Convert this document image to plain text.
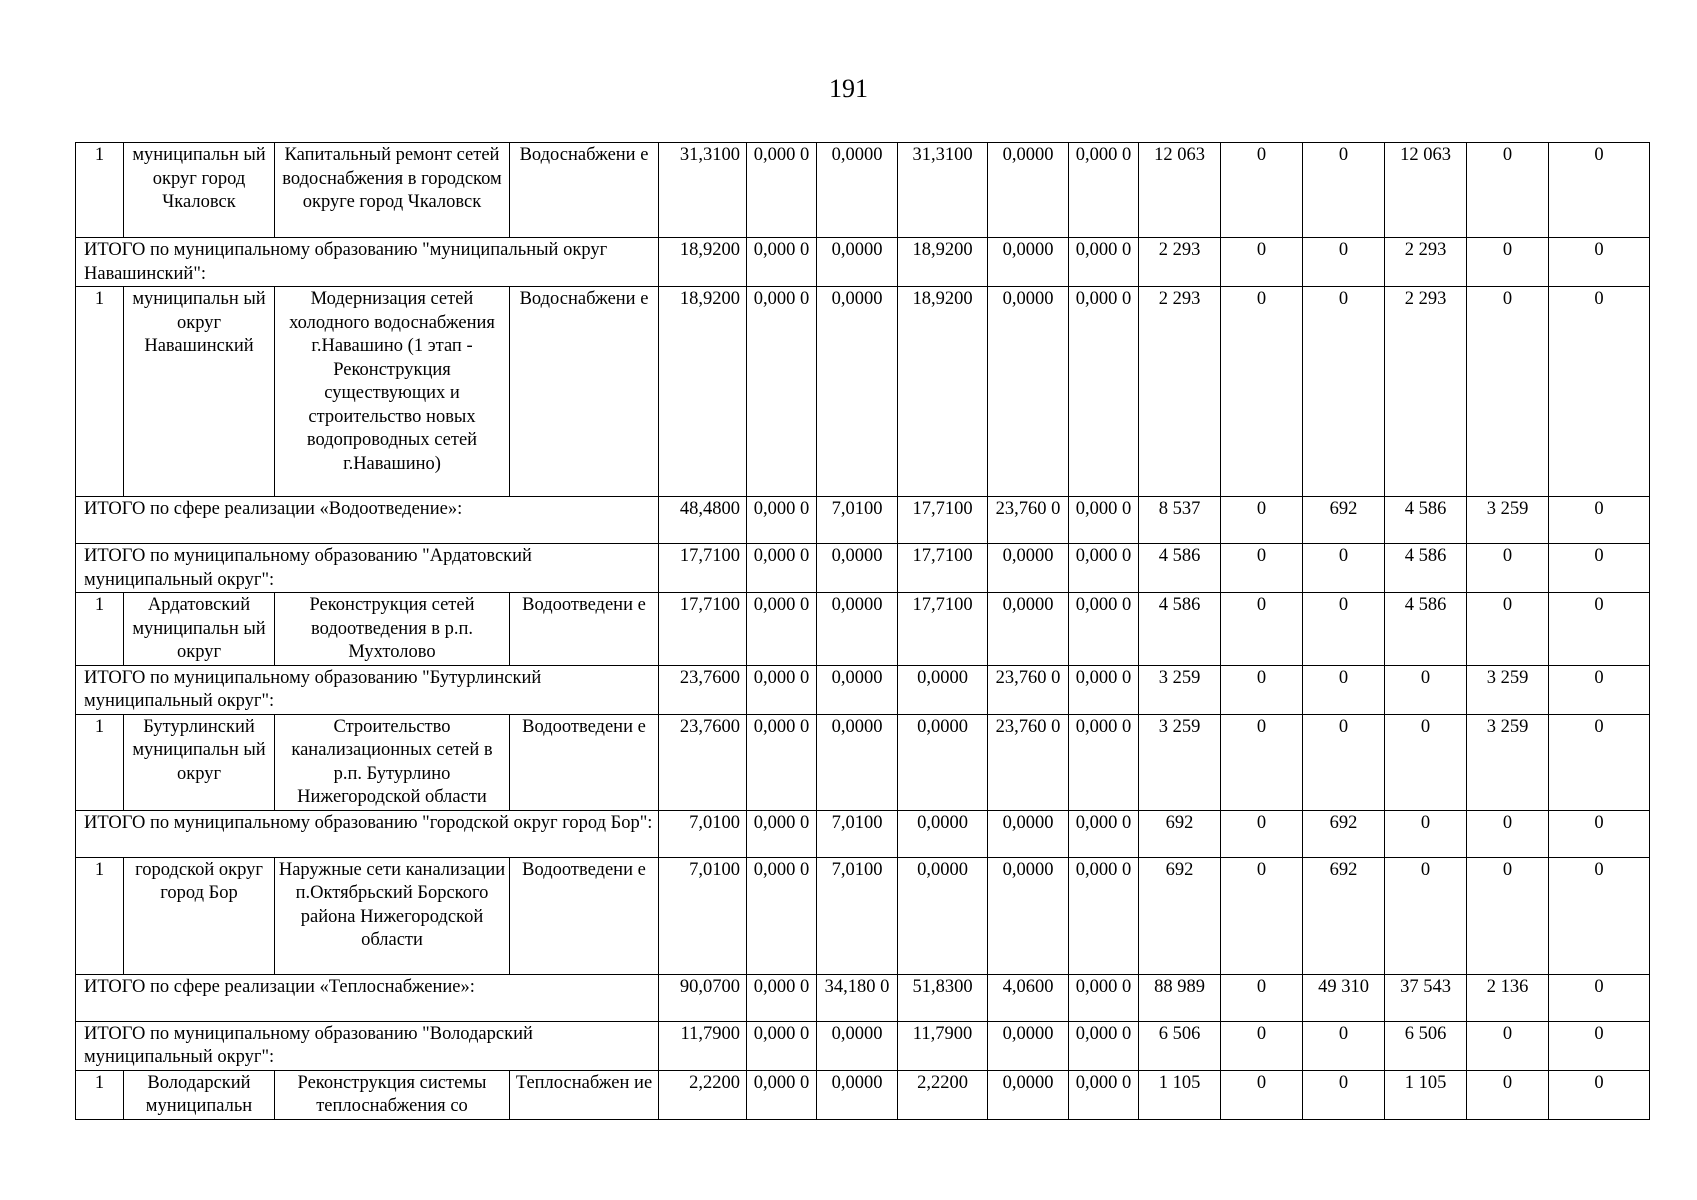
191
1	муниципальн ый округ город Чкаловск	Капитальный ремонт сетей водоснабжения в городском округе город Чкаловск	Водоснабжени е	31,3100	0,000 0	0,0000	31,3100	0,0000	0,000 0	12 063	0	0	12 063	0	0
ИТОГО по муниципальному образованию "муниципальный округ Навашинский":				18,9200	0,000 0	0,0000	18,9200	0,0000	0,000 0	2 293	0	0	2 293	0	0
1	муниципальн ый округ Навашинский	Модернизация сетей холодного водоснабжения г.Навашино (1 этап - Реконструкция существующих и строительство новых водопроводных сетей г.Навашино)	Водоснабжени е	18,9200	0,000 0	0,0000	18,9200	0,0000	0,000 0	2 293	0	0	2 293	0	0
ИТОГО по сфере реализации «Водоотведение»:				48,4800	0,000 0	7,0100	17,7100	23,760 0	0,000 0	8 537	0	692	4 586	3 259	0
ИТОГО по муниципальному образованию "Ардатовский муниципальный округ":				17,7100	0,000 0	0,0000	17,7100	0,0000	0,000 0	4 586	0	0	4 586	0	0
1	Ардатовский муниципальн ый округ	Реконструкция сетей водоотведения в р.п. Мухтолово	Водоотведени е	17,7100	0,000 0	0,0000	17,7100	0,0000	0,000 0	4 586	0	0	4 586	0	0
ИТОГО по муниципальному образованию "Бутурлинский муниципальный округ":				23,7600	0,000 0	0,0000	0,0000	23,760 0	0,000 0	3 259	0	0	0	3 259	0
1	Бутурлинский муниципальн ый округ	Строительство канализационных сетей в р.п. Бутурлино Нижегородской области	Водоотведени е	23,7600	0,000 0	0,0000	0,0000	23,760 0	0,000 0	3 259	0	0	0	3 259	0
ИТОГО по муниципальному образованию "городской округ город Бор":				7,0100	0,000 0	7,0100	0,0000	0,0000	0,000 0	692	0	692	0	0	0
1	городской округ город Бор	Наружные сети канализации п.Октябрьский Борского района Нижегородской области	Водоотведени е	7,0100	0,000 0	7,0100	0,0000	0,0000	0,000 0	692	0	692	0	0	0
ИТОГО по сфере реализации «Теплоснабжение»:				90,0700	0,000 0	34,180 0	51,8300	4,0600	0,000 0	88 989	0	49 310	37 543	2 136	0
ИТОГО по муниципальному образованию "Володарский муниципальный округ":				11,7900	0,000 0	0,0000	11,7900	0,0000	0,000 0	6 506	0	0	6 506	0	0
1	Володарский муниципальн	Реконструкция системы теплоснабжения со	Теплоснабжен ие	2,2200	0,000 0	0,0000	2,2200	0,0000	0,000 0	1 105	0	0	1 105	0	0
